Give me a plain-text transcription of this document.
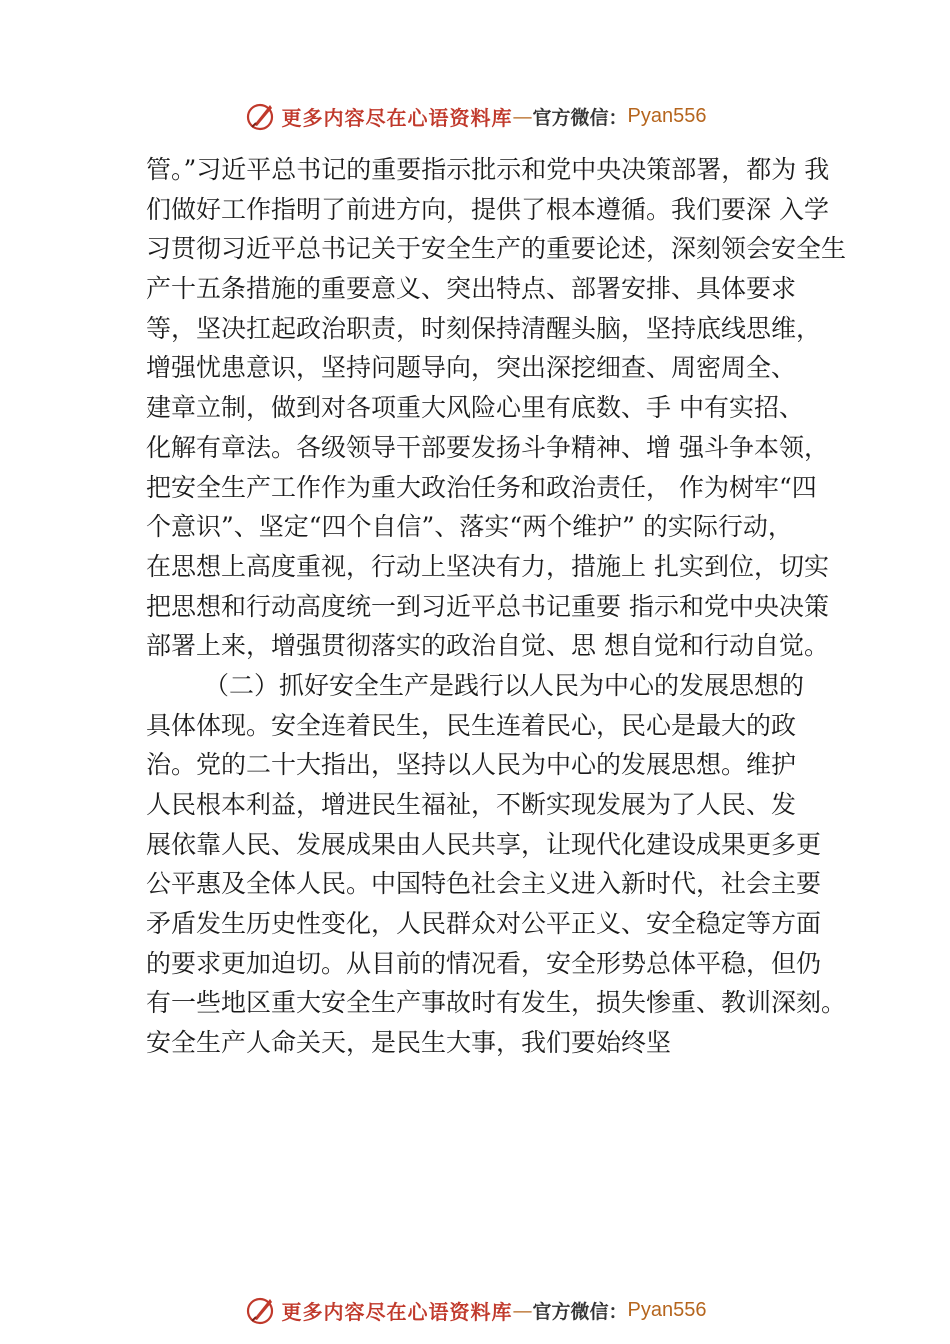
更多内容尽在心语资料库 — 官方微信： Pyan556
管。”习近平总书记的重要指示批示和党中央决策部署，都为 我
们做好工作指明了前进方向，提供了根本遵循。我们要深 入学
习贯彻习近平总书记关于安全生产的重要论述，深刻领会安全生
产十五条措施的重要意义、突出特点、部署安排、具体要求
等，坚决扛起政治职责，时刻保持清醒头脑，坚持底线思维，
增强忧患意识，坚持问题导向，突出深挖细查、周密周全、
建章立制，做到对各项重大风险心里有底数、手 中有实招、
化解有章法。各级领导干部要发扬斗争精神、增 强斗争本领，
把安全生产工作作为重大政治任务和政治责任， 作为树牢“四
个意识”、坚定“四个自信”、落实“两个维护” 的实际行动，
在思想上高度重视，行动上坚决有力，措施上 扎实到位，切实
把思想和行动高度统一到习近平总书记重要 指示和党中央决策
部署上来，增强贯彻落实的政治自觉、思 想自觉和行动自觉。
（二）抓好安全生产是践行以人民为中心的发展思想的
具体体现。安全连着民生，民生连着民心，民心是最大的政
治。党的二十大指出，坚持以人民为中心的发展思想。维护
人民根本利益，增进民生福祉，不断实现发展为了人民、发
展依靠人民、发展成果由人民共享，让现代化建设成果更多更
公平惠及全体人民。中国特色社会主义进入新时代，社会主要
矛盾发生历史性变化，人民群众对公平正义、安全稳定等方面
的要求更加迫切。从目前的情况看，安全形势总体平稳，但仍
有一些地区重大安全生产事故时有发生，损失惨重、教训深刻。
安全生产人命关天，是民生大事，我们要始终坚
更多内容尽在心语资料库 — 官方微信： Pyan556
